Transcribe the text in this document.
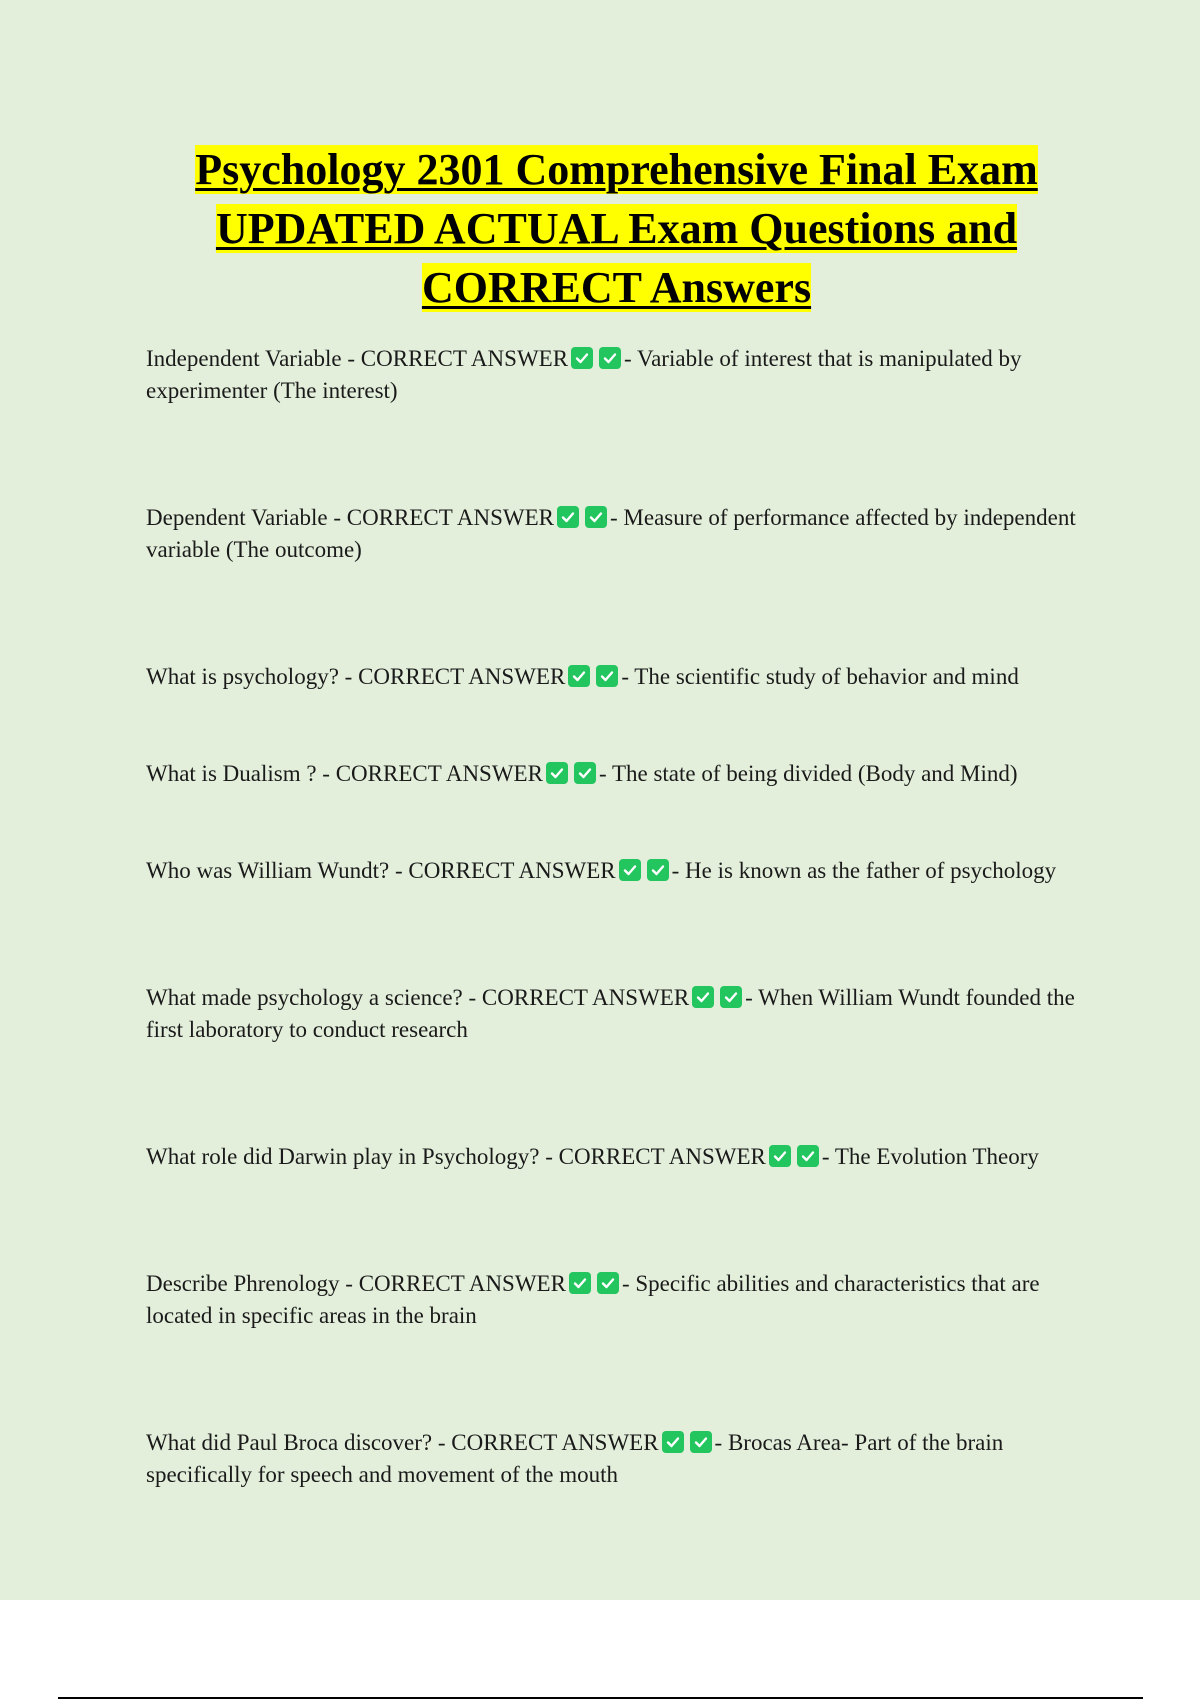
Psychology 2301 Comprehensive Final Exam
UPDATED ACTUAL Exam Questions and
CORRECT Answers

Independent Variable - CORRECT ANSWER - Variable of interest that is manipulated by experimenter (The interest)

Dependent Variable - CORRECT ANSWER - Measure of performance affected by independent variable (The outcome)

What is psychology? - CORRECT ANSWER - The scientific study of behavior and mind

What is Dualism ? - CORRECT ANSWER - The state of being divided (Body and Mind)

Who was William Wundt? - CORRECT ANSWER - He is known as the father of psychology

What made psychology a science? - CORRECT ANSWER - When William Wundt founded the first laboratory to conduct research

What role did Darwin play in Psychology? - CORRECT ANSWER - The Evolution Theory

Describe Phrenology - CORRECT ANSWER - Specific abilities and characteristics that are located in specific areas in the brain

What did Paul Broca discover? - CORRECT ANSWER - Brocas Area- Part of the brain specifically for speech and movement of the mouth
